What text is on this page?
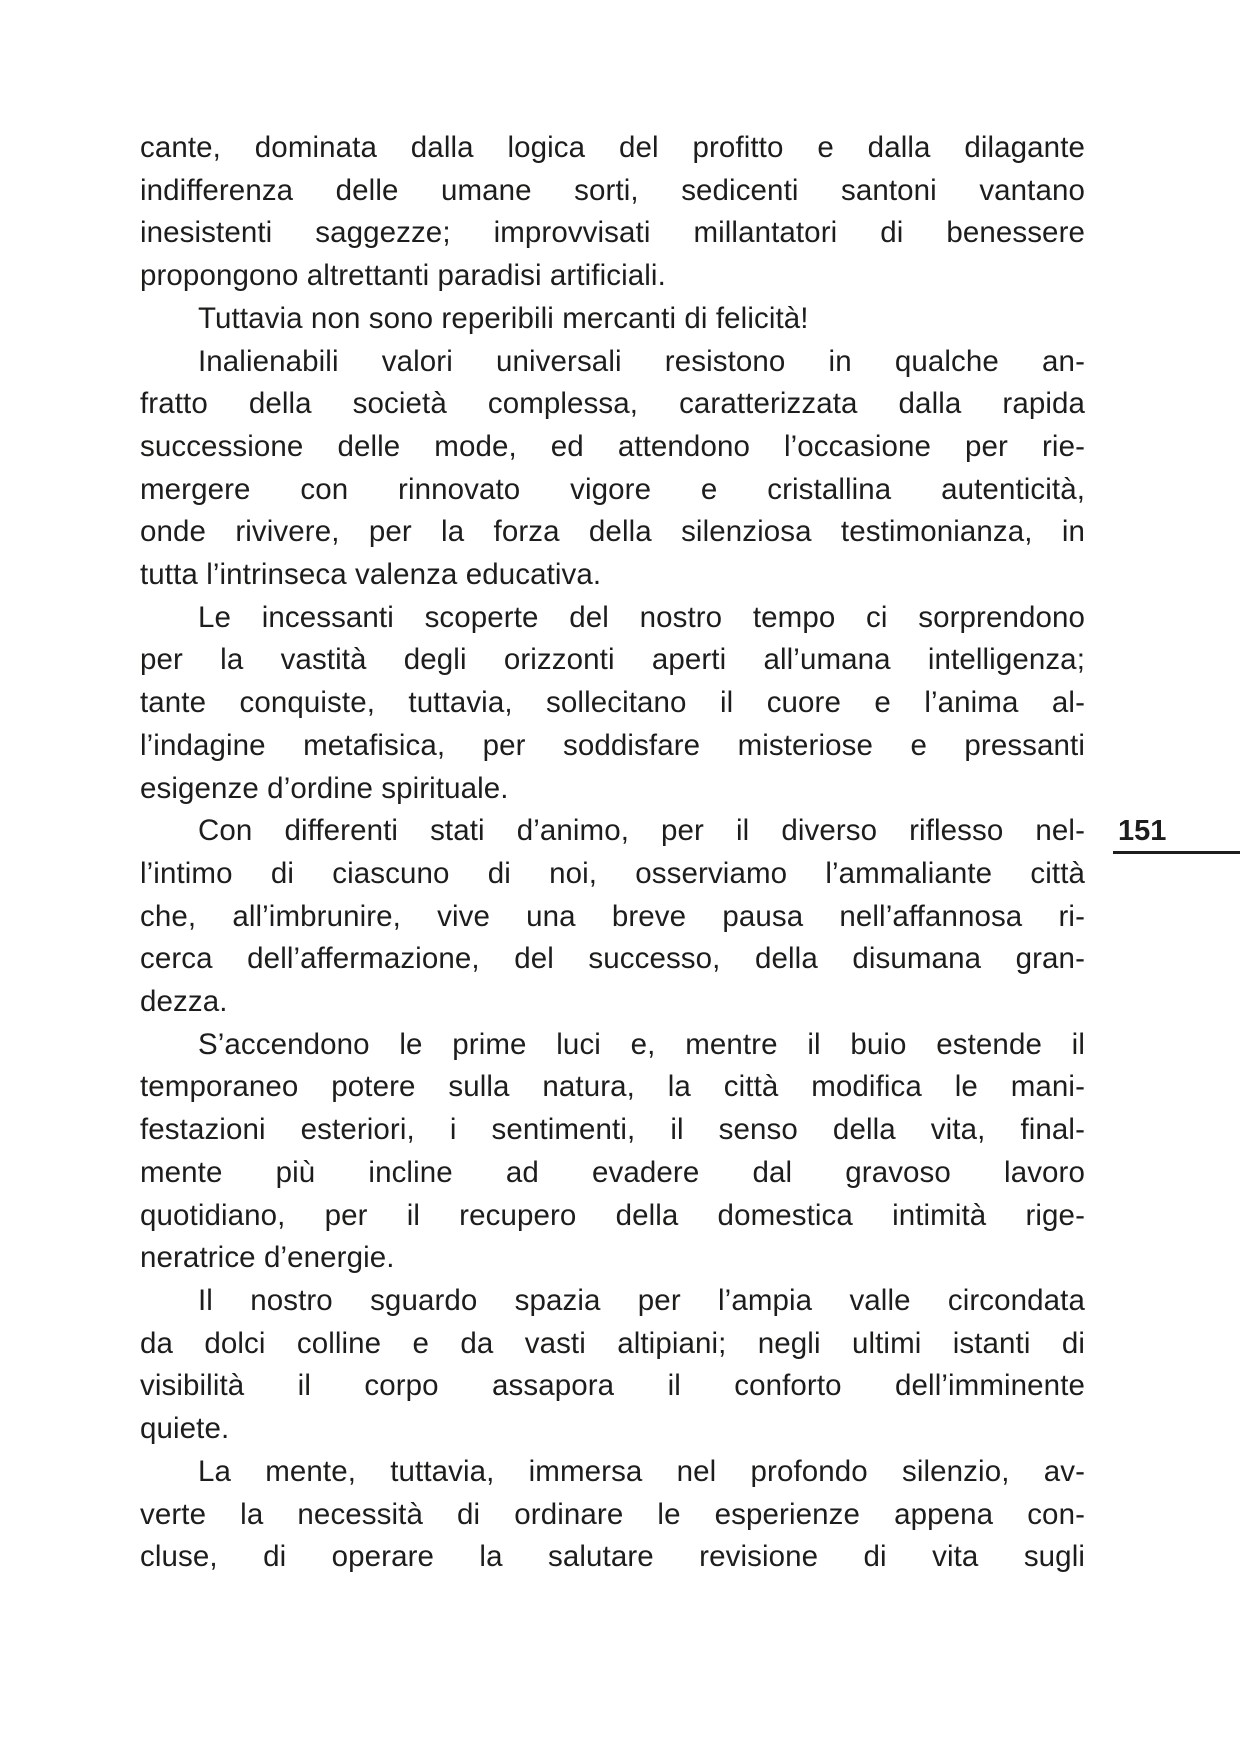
cante, dominata dalla logica del profitto e dalla dilagante
indifferenza delle umane sorti, sedicenti santoni vantano
inesistenti saggezze; improvvisati millantatori di benessere
propongono altrettanti paradisi artificiali.
Tuttavia non sono reperibili mercanti di felicità!
Inalienabili valori universali resistono in qualche an-
fratto della società complessa, caratterizzata dalla rapida
successione delle mode, ed attendono l’occasione per rie-
mergere con rinnovato vigore e cristallina autenticità,
onde rivivere, per la forza della silenziosa testimonianza, in
tutta l’intrinseca valenza educativa.
Le incessanti scoperte del nostro tempo ci sorprendono
per la vastità degli orizzonti aperti all’umana intelligenza;
tante conquiste, tuttavia, sollecitano il cuore e l’anima al-
l’indagine metafisica, per soddisfare misteriose e pressanti
esigenze d’ordine spirituale.
Con differenti stati d’animo, per il diverso riflesso nel-
l’intimo di ciascuno di noi, osserviamo l’ammaliante città
che, all’imbrunire, vive una breve pausa nell’affannosa ri-
cerca dell’affermazione, del successo, della disumana gran-
dezza.
S’accendono le prime luci e, mentre il buio estende il
temporaneo potere sulla natura, la città modifica le mani-
festazioni esteriori, i sentimenti, il senso della vita, final-
mente più incline ad evadere dal gravoso lavoro
quotidiano, per il recupero della domestica intimità rige-
neratrice d’energie.
Il nostro sguardo spazia per l’ampia valle circondata
da dolci colline e da vasti altipiani; negli ultimi istanti di
visibilità il corpo assapora il conforto dell’imminente
quiete.
La mente, tuttavia, immersa nel profondo silenzio, av-
verte la necessità di ordinare le esperienze appena con-
cluse, di operare la salutare revisione di vita sugli
151
